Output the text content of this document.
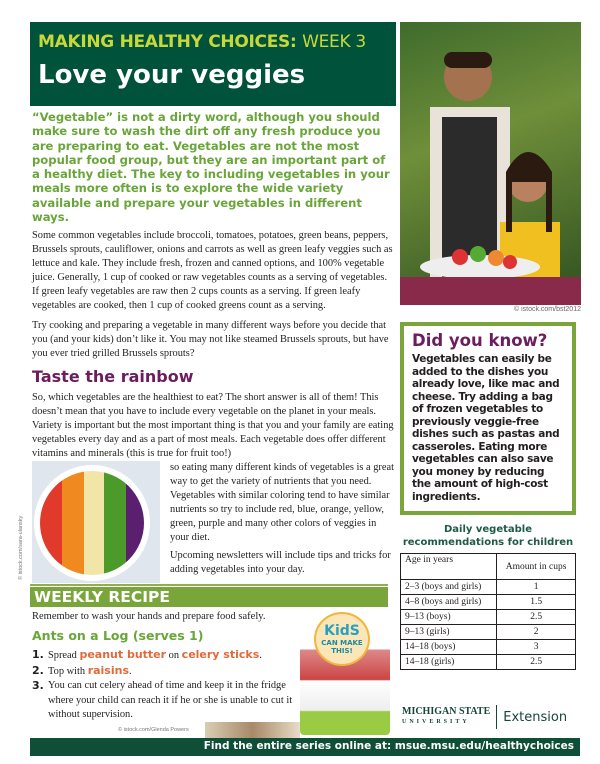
MAKING HEALTHY CHOICES: WEEK 3
Love your veggies
© istock.com/bst2012
“Vegetable” is not a dirty word, although you should make sure to wash the dirt off any fresh produce you are preparing to eat. Vegetables are not the most popular food group, but they are an important part of a healthy diet. The key to including vegetables in your meals more often is to explore the wide variety available and prepare your vegetables in different ways.
Some common vegetables include broccoli, tomatoes, potatoes, green beans, peppers, Brussels sprouts, cauliflower, onions and carrots as well as green leafy veggies such as lettuce and kale. They include fresh, frozen and canned options, and 100% vegetable juice. Generally, 1 cup of cooked or raw vegetables counts as a serving of vegetables. If green leafy vegetables are raw then 2 cups counts as a serving. If green leafy vegetables are cooked, then 1 cup of cooked greens count as a serving.
Try cooking and preparing a vegetable in many different ways before you decide that you (and your kids) don’t like it. You may not like steamed Brussels sprouts, but have you ever tried grilled Brussels sprouts?
Taste the rainbow
So, which vegetables are the healthiest to eat? The short answer is all of them! This doesn’t mean that you have to include every vegetable on the planet in your meals. Variety is important but the most important thing is that you and your family are eating vegetables every day and as a part of most meals. Each vegetable does offer different vitamins and minerals (this is true for fruit too!)
so eating many different kinds of vegetables is a great way to get the variety of nutrients that you need. Vegetables with similar coloring tend to have similar nutrients so try to include red, blue, orange, yellow, green, purple and many other colors of veggies in your diet.
Upcoming newsletters will include tips and tricks for adding vegetables into your day.
© istock.com/sara-ulansky
Did you know?

Vegetables can easily be added to the dishes you already love, like mac and cheese. Try adding a bag of frozen vegetables to previously veggie-free dishes such as pastas and casseroles. Eating more vegetables can also save you money by reducing the amount of high-cost ingredients.

Daily vegetable recommendations for children
Age in years	Amount in cups
2–3 (boys and girls)	1
4–8 (boys and girls)	1.5
9–13 (boys)	2.5
9–13 (girls)	2
14–18 (boys)	3
14–18 (girls)	2.5
WEEKLY RECIPE
Remember to wash your hands and prepare food safely.
Ants on a Log (serves 1)
1. Spread peanut butter on celery sticks.
2. Top with raisins.
3. You can cut celery ahead of time and keep it in the fridge where your child can reach it if he or she is unable to cut it without supervision.
KidS
CAN MAKE THIS!
© istock.com/Glenda Powers
MICHIGAN STATE
UNIVERSITY	Extension
Find the entire series online at: msue.msu.edu/healthychoices
